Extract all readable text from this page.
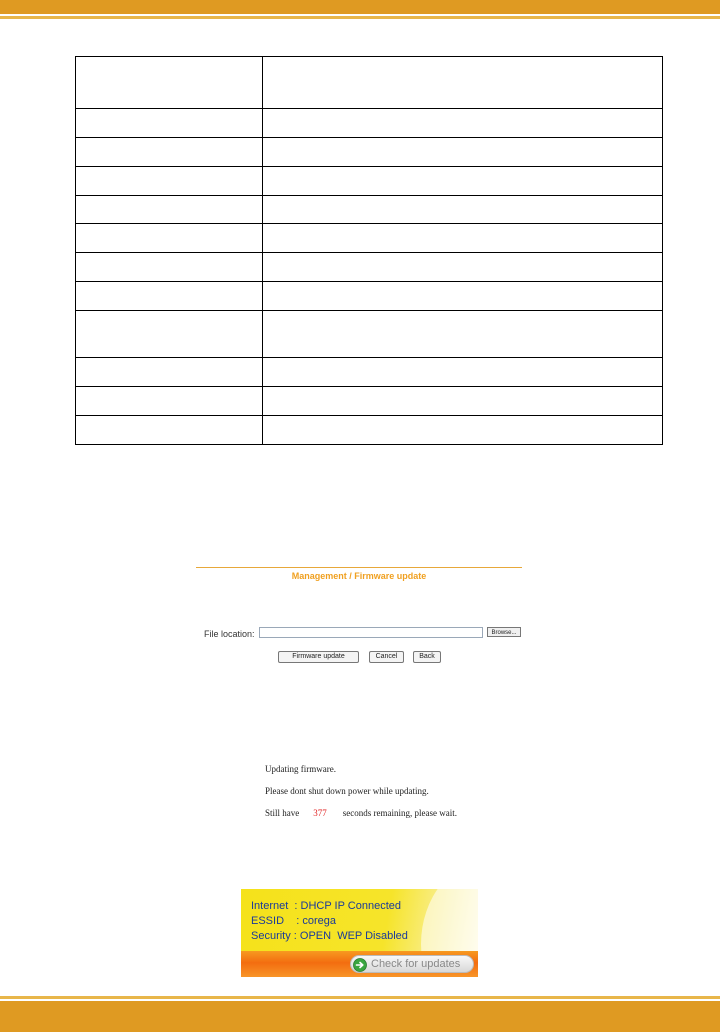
Management / Firmware update
File location:	Browse...
Firmware update	Cancel	Back
Updating firmware.
Please dont shut down power while updating.
Still have 377 seconds remaining, please wait.
Internet  : DHCP IP Connected
ESSID    : corega
Security : OPEN  WEP Disabled
Check for updates
